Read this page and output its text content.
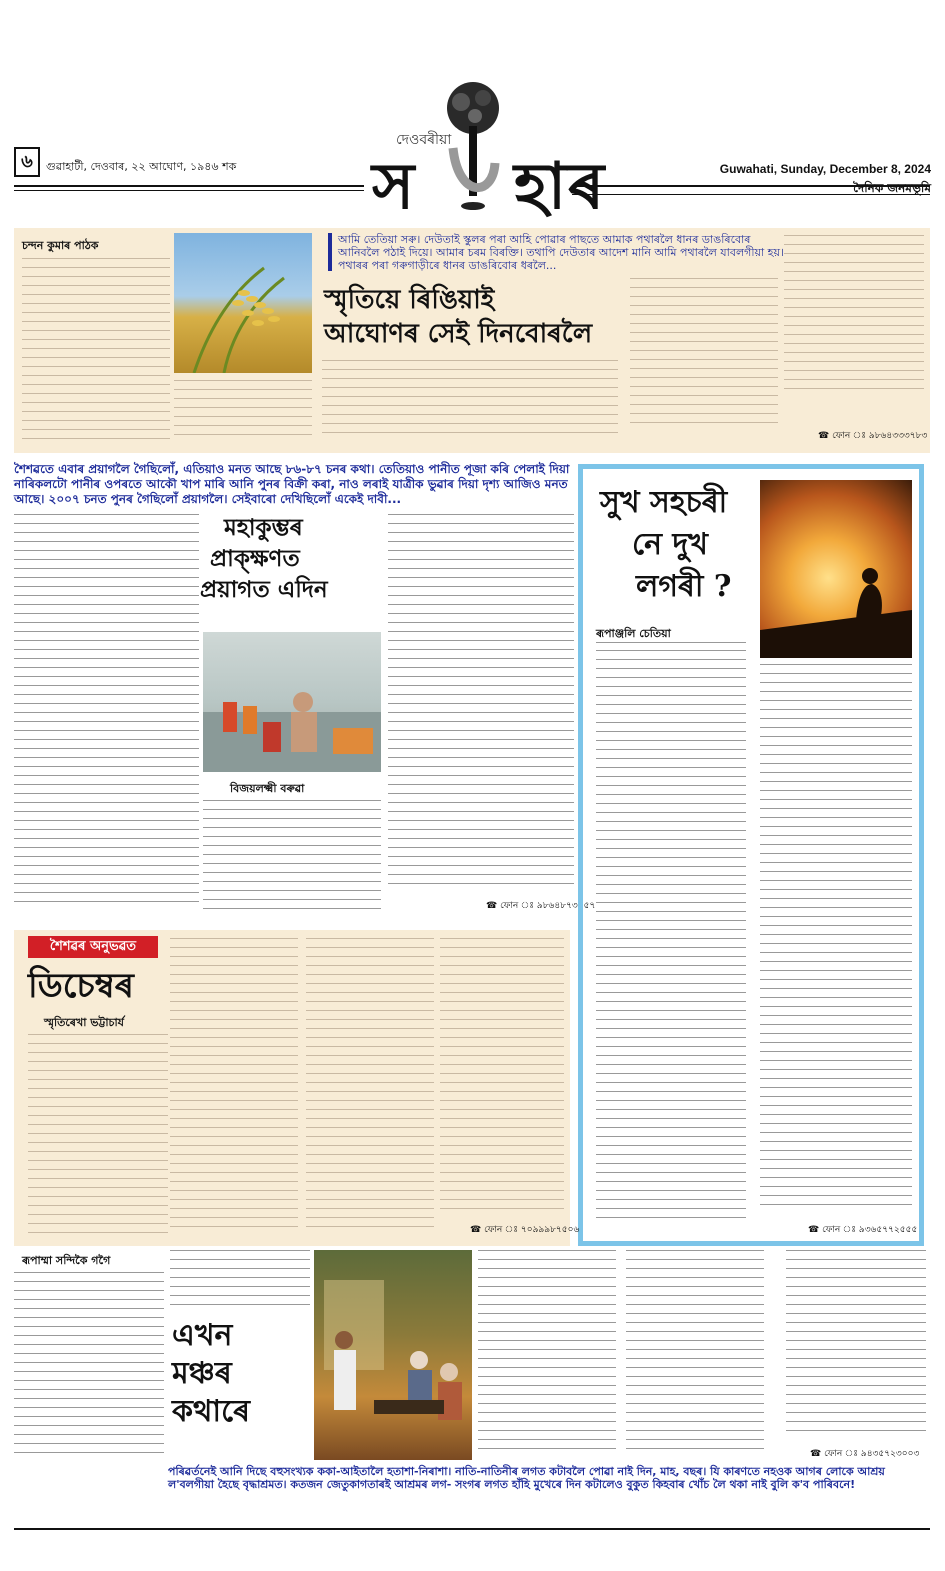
৬	গুৱাহাটী, দেওবাৰ, ২২ আঘোণ, ১৯৪৬ শক
দেওবৰীয়া
স হাৰ	Guwahati, Sunday, December 8, 2024
দৈনিক জনমভূমি
চন্দন কুমাৰ পাঠক	আমি তেতিয়া সৰু। দেউতাই স্কুলৰ পৰা আহি পোৱাৰ পাছতে আমাক পথাৰলৈ ধানৰ ডাঙৰিবোৰ আনিবলৈ পঠাই দিয়ে। আমাৰ চৰম বিৰক্তি। তথাপি দেউতাৰ আদেশ মানি আমি পথাৰলৈ যাবলগীয়া হয়। পথাৰৰ পৰা গৰুগাড়ীৰে ধানৰ ডাঙৰিবোৰ ধৰলৈ...
স্মৃতিয়ে ৰিঙিয়াই
আঘোণৰ সেই দিনবোৰলৈ
☎ ফোন ঃ ৯৮৬৪৩৩৩৭৮৩
শৈশৱতে এবাৰ প্ৰয়াগলৈ গৈছিলোঁ, এতিয়াও মনত আছে ৮৬-৮৭ চনৰ কথা। তেতিয়াও পানীত পূজা কৰি পেলাই দিয়া নাৰিকলটো পানীৰ ওপৰতে আকৌ খাপ মাৰি আনি পুনৰ বিক্ৰী কৰা, নাও লৰাই যাত্ৰীক ভুৱাৰ দিয়া দৃশ্য আজিও মনত আছে। ২০০৭ চনত পুনৰ গৈছিলোঁ প্ৰয়াগলৈ। সেইবাৰো দেখিছিলোঁ একেই দাবী...
মহাকুম্ভৰ
প্ৰাক্‌ক্ষণত
প্ৰয়াগত এদিন
বিজয়লক্ষ্মী বৰুৱা
☎ ফোন ঃ ৯৮৬৪৮৭৩১৫৭
সুখ সহচৰী
নে দুখ
লগৰী ?
ৰূপাঞ্জলি চেতিয়া
☎ ফোন ঃ ৯৩৬৫৭৭২৫৫৫
শৈশৱৰ অনুভৱত
ডিচেম্বৰ
স্মৃতিৰেখা ভট্টাচাৰ্য
☎ ফোন ঃ ৭০৯৯৯৮৭৫০৬
ৰূপাম্মা সন্দিকৈ গগৈ
এখন
মঞ্চৰ
কথাৰে
☎ ফোন ঃ ৯৪৩৫৭২৩০০৩
পৰিৱৰ্তনেই আনি দিছে বহুসংখ্যক ককা-আইতালৈ হতাশা-নিৰাশা। নাতি-নাতিনীৰ লগত কটাবলৈ পোৱা নাই দিন, মাহ, বছৰ। যি কাৰণতে নহওক আগৰ লোকে আশ্ৰয় ল'বলগীয়া হৈছে বৃদ্ধাশ্ৰমত। কতজন জেতুকাগতাৰই আশ্ৰমৰ লগ- সংগৰ লগত হাঁহি মুখেৰে দিন কটালেও বুকুত কিহবাৰ খোঁচ লৈ থকা নাই বুলি ক'ব পাৰিবনে!
